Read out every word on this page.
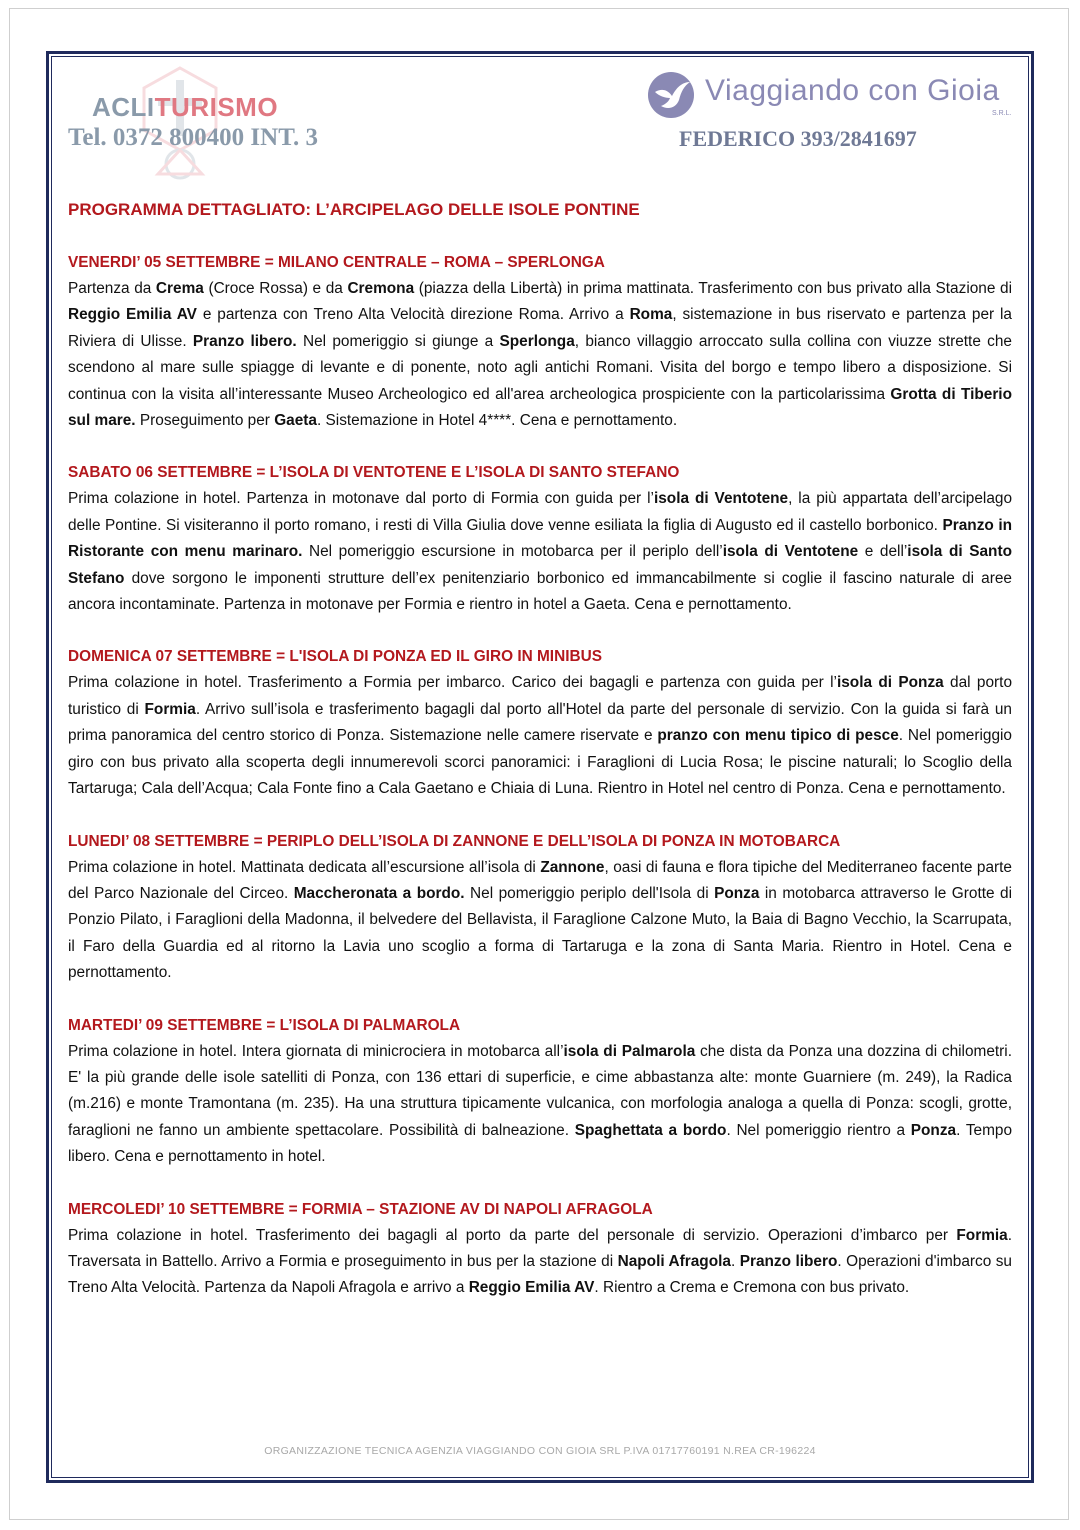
ACLITURISMO
Tel. 0372 800400 INT. 3
Viaggiando con Gioia
S.R.L.
FEDERICO 393/2841697

PROGRAMMA DETTAGLIATO: L’ARCIPELAGO DELLE ISOLE PONTINE

VENERDI’ 05 SETTEMBRE = MILANO CENTRALE – ROMA – SPERLONGA

Partenza da Crema (Croce Rossa) e da Cremona (piazza della Libertà) in prima mattinata. Trasferimento con bus privato alla Stazione di Reggio Emilia AV e partenza con Treno Alta Velocità direzione Roma. Arrivo a Roma, sistemazione in bus riservato e partenza per la Riviera di Ulisse. Pranzo libero. Nel pomeriggio si giunge a Sperlonga, bianco villaggio arroccato sulla collina con viuzze strette che scendono al mare sulle spiagge di levante e di ponente, noto agli antichi Romani. Visita del borgo e tempo libero a disposizione. Si continua con la visita all’interessante Museo Archeologico ed all'area archeologica prospiciente con la particolarissima Grotta di Tiberio sul mare. Proseguimento per Gaeta. Sistemazione in Hotel 4****. Cena e pernottamento.

SABATO 06 SETTEMBRE = L’ISOLA DI VENTOTENE E L’ISOLA DI SANTO STEFANO

Prima colazione in hotel. Partenza in motonave dal porto di Formia con guida per l’isola di Ventotene, la più appartata dell’arcipelago delle Pontine. Si visiteranno il porto romano, i resti di Villa Giulia dove venne esiliata la figlia di Augusto ed il castello borbonico. Pranzo in Ristorante con menu marinaro. Nel pomeriggio escursione in motobarca per il periplo dell’isola di Ventotene e dell’isola di Santo Stefano dove sorgono le imponenti strutture dell’ex penitenziario borbonico ed immancabilmente si coglie il fascino naturale di aree ancora incontaminate. Partenza in motonave per Formia e rientro in hotel a Gaeta. Cena e pernottamento.

DOMENICA 07 SETTEMBRE = L'ISOLA DI PONZA ED IL GIRO IN MINIBUS

Prima colazione in hotel. Trasferimento a Formia per imbarco. Carico dei bagagli e partenza con guida per l’isola di Ponza dal porto turistico di Formia. Arrivo sull’isola e trasferimento bagagli dal porto all'Hotel da parte del personale di servizio. Con la guida si farà un prima panoramica del centro storico di Ponza. Sistemazione nelle camere riservate e pranzo con menu tipico di pesce. Nel pomeriggio giro con bus privato alla scoperta degli innumerevoli scorci panoramici: i Faraglioni di Lucia Rosa; le piscine naturali; lo Scoglio della Tartaruga; Cala dell’Acqua; Cala Fonte fino a Cala Gaetano e Chiaia di Luna. Rientro in Hotel nel centro di Ponza. Cena e pernottamento.

LUNEDI’ 08 SETTEMBRE = PERIPLO DELL’ISOLA DI ZANNONE E DELL’ISOLA DI PONZA IN MOTOBARCA

Prima colazione in hotel. Mattinata dedicata all’escursione all’isola di Zannone, oasi di fauna e flora tipiche del Mediterraneo facente parte del Parco Nazionale del Circeo. Maccheronata a bordo. Nel pomeriggio periplo dell'Isola di Ponza in motobarca attraverso le Grotte di Ponzio Pilato, i Faraglioni della Madonna, il belvedere del Bellavista, il Faraglione Calzone Muto, la Baia di Bagno Vecchio, la Scarrupata, il Faro della Guardia ed al ritorno la Lavia uno scoglio a forma di Tartaruga e la zona di Santa Maria. Rientro in Hotel. Cena e pernottamento.

MARTEDI’ 09 SETTEMBRE = L’ISOLA DI PALMAROLA

Prima colazione in hotel. Intera giornata di minicrociera in motobarca all’isola di Palmarola che dista da Ponza una dozzina di chilometri. E' la più grande delle isole satelliti di Ponza, con 136 ettari di superficie, e cime abbastanza alte: monte Guarniere (m. 249), la Radica (m.216) e monte Tramontana (m. 235). Ha una struttura tipicamente vulcanica, con morfologia analoga a quella di Ponza: scogli, grotte, faraglioni ne fanno un ambiente spettacolare. Possibilità di balneazione. Spaghettata a bordo. Nel pomeriggio rientro a Ponza. Tempo libero. Cena e pernottamento in hotel.

MERCOLEDI’ 10 SETTEMBRE = FORMIA – STAZIONE AV DI NAPOLI AFRAGOLA

Prima colazione in hotel. Trasferimento dei bagagli al porto da parte del personale di servizio. Operazioni d’imbarco per Formia. Traversata in Battello. Arrivo a Formia e proseguimento in bus per la stazione di Napoli Afragola. Pranzo libero. Operazioni d'imbarco su Treno Alta Velocità. Partenza da Napoli Afragola e arrivo a Reggio Emilia AV. Rientro a Crema e Cremona con bus privato.

ORGANIZZAZIONE TECNICA AGENZIA VIAGGIANDO CON GIOIA SRL P.IVA 01717760191 N.REA CR-196224
